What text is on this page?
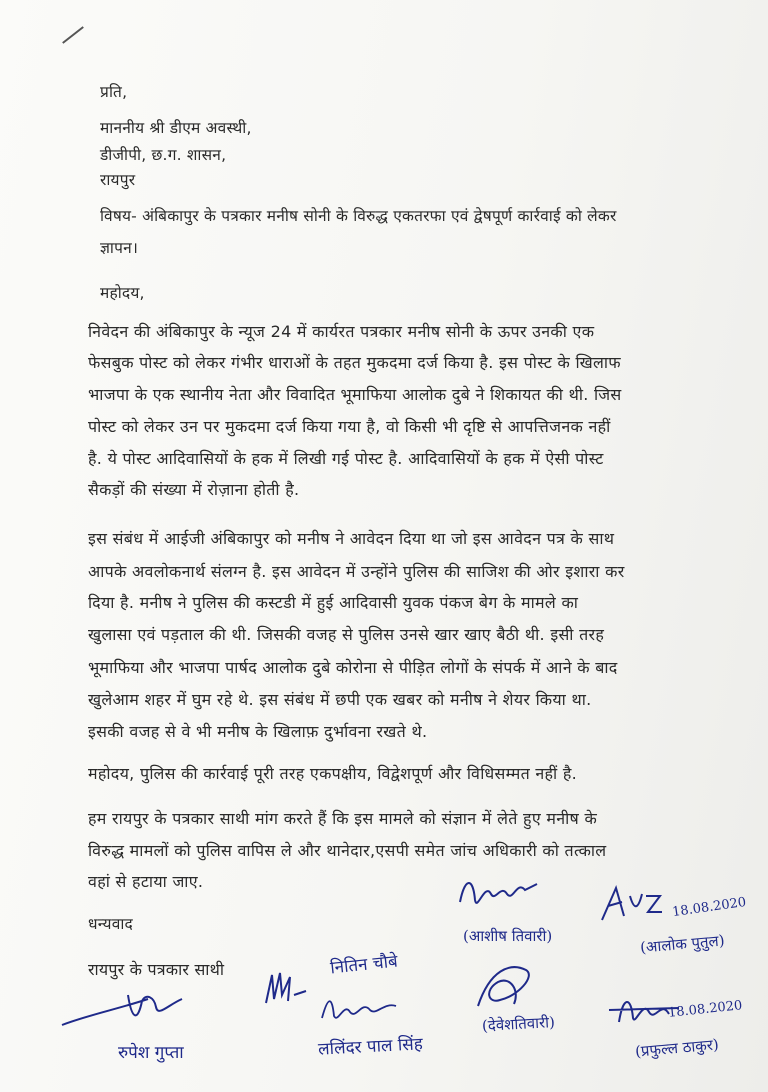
प्रति,
माननीय श्री डीएम अवस्थी,
डीजीपी, छ.ग. शासन,
रायपुर
विषय- अंबिकापुर के पत्रकार मनीष सोनी के विरुद्ध एकतरफा एवं द्वेषपूर्ण कार्रवाई को लेकर
ज्ञापन।
महोदय,
निवेदन की अंबिकापुर के न्यूज 24 में कार्यरत पत्रकार मनीष सोनी के ऊपर उनकी एक
फेसबुक पोस्ट को लेकर गंभीर धाराओं के तहत मुकदमा दर्ज किया है. इस पोस्ट के खिलाफ
भाजपा के एक स्थानीय नेता और विवादित भूमाफिया आलोक दुबे ने शिकायत की थी. जिस
पोस्ट को लेकर उन पर मुकदमा दर्ज किया गया है, वो किसी भी दृष्टि से आपत्तिजनक नहीं
है. ये पोस्ट आदिवासियों के हक में लिखी गई पोस्ट है. आदिवासियों के हक में ऐसी पोस्ट
सैकड़ों की संख्या में रोज़ाना होती है.
इस संबंध में आईजी अंबिकापुर को मनीष ने आवेदन दिया था जो इस आवेदन पत्र के साथ
आपके अवलोकनार्थ संलग्न है. इस आवेदन में उन्होंने पुलिस की साजिश की ओर इशारा कर
दिया है. मनीष ने पुलिस की कस्टडी में हुई आदिवासी युवक पंकज बेग के मामले का
खुलासा एवं पड़ताल की थी. जिसकी वजह से पुलिस उनसे खार खाए बैठी थी. इसी तरह
भूमाफिया और भाजपा पार्षद आलोक दुबे कोरोना से पीड़ित लोगों के संपर्क में आने के बाद
खुलेआम शहर में घुम रहे थे. इस संबंध में छपी एक खबर को मनीष ने शेयर किया था.
इसकी वजह से वे भी मनीष के खिलाफ़ दुर्भावना रखते थे.
महोदय, पुलिस की कार्रवाई पूरी तरह एकपक्षीय, विद्वेशपूर्ण और विधिसम्मत नहीं है.
हम रायपुर के पत्रकार साथी मांग करते हैं कि इस मामले को संज्ञान में लेते हुए मनीष के
विरुद्ध मामलों को पुलिस वापिस ले और थानेदार,एसपी समेत जांच अधिकारी को तत्काल
वहां से हटाया जाए.
धन्यवाद
रायपुर के पत्रकार साथी
(आशीष तिवारी)
18.08.2020
(आलोक पुतुल)
नितिन चौबे
(देवेशतिवारी)
18.08.2020
(प्रफुल्ल ठाकुर)
रुपेश गुप्ता	ललिंदर पाल सिंह
